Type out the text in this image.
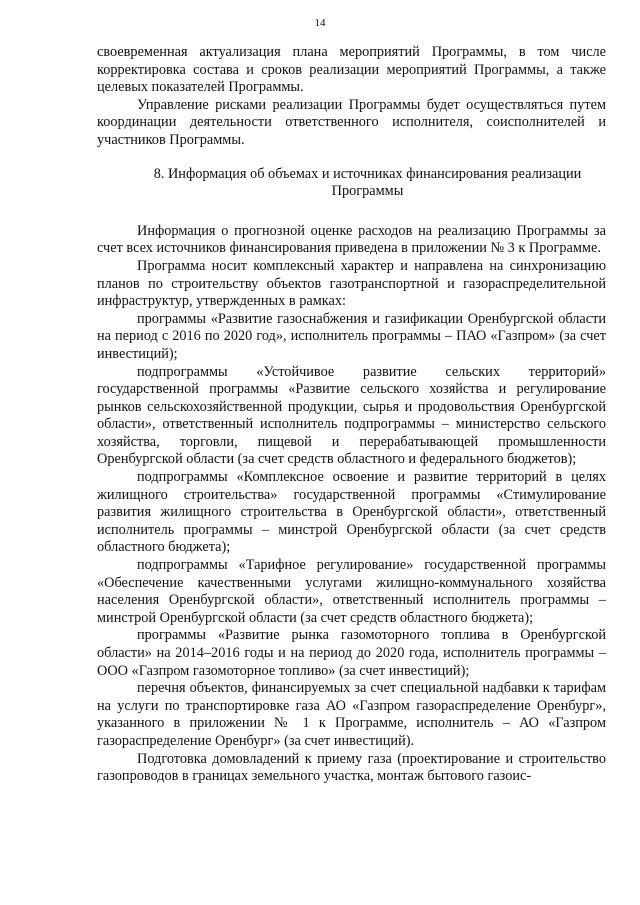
14

своевременная актуализация плана мероприятий Программы, в том числе корректировка состава и сроков реализации мероприятий Программы, а также целевых показателей Программы.

Управление рисками реализации Программы будет осуществляться путем координации деятельности ответственного исполнителя, соисполнителей и участников Программы.

8. Информация об объемах и источниках финансирования реализации
Программы

Информация о прогнозной оценке расходов на реализацию Программы за счет всех источников финансирования приведена в приложении № 3 к Программе.

Программа носит комплексный характер и направлена на синхронизацию планов по строительству объектов газотранспортной и газораспределительной инфраструктур, утвержденных в рамках:

программы «Развитие газоснабжения и газификации Оренбургской области на период с 2016 по 2020 год», исполнитель программы – ПАО «Газпром» (за счет инвестиций);

подпрограммы «Устойчивое развитие сельских территорий» государственной программы «Развитие сельского хозяйства и регулирование рынков сельскохозяйственной продукции, сырья и продовольствия Оренбургской области», ответственный исполнитель подпрограммы – министерство сельского хозяйства, торговли, пищевой и перерабатывающей промышленности Оренбургской области (за счет средств областного и федерального бюджетов);

подпрограммы «Комплексное освоение и развитие территорий в целях жилищного строительства» государственной программы «Стимулирование развития жилищного строительства в Оренбургской области», ответственный исполнитель программы – минстрой Оренбургской области (за счет средств областного бюджета);

подпрограммы «Тарифное регулирование» государственной программы «Обеспечение качественными услугами жилищно-коммунального хозяйства населения Оренбургской области», ответственный исполнитель программы – минстрой Оренбургской области (за счет средств областного бюджета);

программы «Развитие рынка газомоторного топлива в Оренбургской области» на 2014–2016 годы и на период до 2020 года, исполнитель программы – ООО «Газпром газомоторное топливо» (за счет инвестиций);

перечня объектов, финансируемых за счет специальной надбавки к тарифам на услуги по транспортировке газа АО «Газпром газораспределение Оренбург», указанного в приложении № 1 к Программе, исполнитель – АО «Газпром газораспределение Оренбург» (за счет инвестиций).

Подготовка домовладений к приему газа (проектирование и строительство газопроводов в границах земельного участка, монтаж бытового газоис-
